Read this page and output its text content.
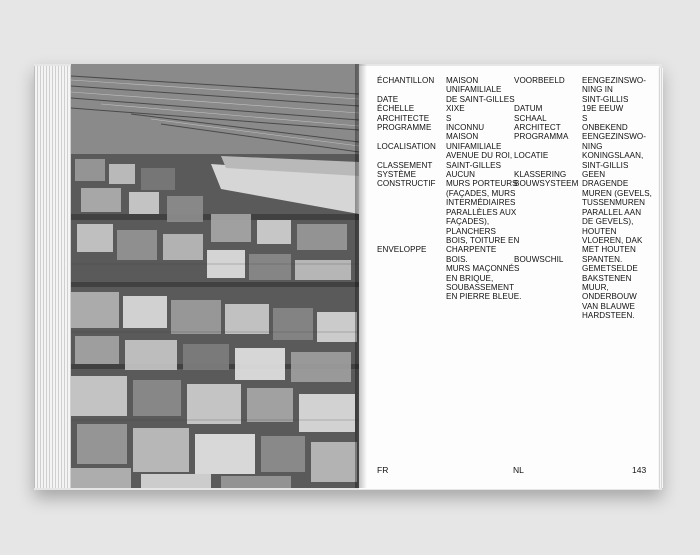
ÉCHANTILLON

DATE
ÉCHELLE
ARCHITECTE
PROGRAMME

LOCALISATION

CLASSEMENT
SYSTÈME
CONSTRUCTIF

ENVELOPPE

MAISON
UNIFAMILIALE
DE SAINT-GILLES
XIXE
S
INCONNU
MAISON
UNIFAMILIALE
AVENUE DU ROI,
SAINT-GILLES
AUCUN
MURS PORTEURS
(FAÇADES, MURS
INTERMÉDIAIRES
PARALLÈLES AUX
FAÇADES),
PLANCHERS
BOIS, TOITURE EN
CHARPENTE
BOIS.
MURS MAÇONNÉS
EN BRIQUE,
SOUBASSEMENT
EN PIERRE BLEUE.

VOORBEELD

DATUM
SCHAAL
ARCHITECT
PROGRAMMA

LOCATIE

KLASSERING
BOUWSYSTEEM

BOUWSCHIL

EENGEZINSWO-
NING IN
SINT-GILLIS
19E EEUW
S
ONBEKEND
EENGEZINSWO-
NING
KONINGSLAAN,
SINT-GILLIS
GEEN
DRAGENDE
MUREN (GEVELS,
TUSSENMUREN
PARALLEL AAN
DE GEVELS),
HOUTEN
VLOEREN, DAK
MET HOUTEN
SPANTEN.
GEMETSELDE
BAKSTENEN
MUUR,
ONDERBOUW
VAN BLAUWE
HARDSTEEN.

FR	NL	143
